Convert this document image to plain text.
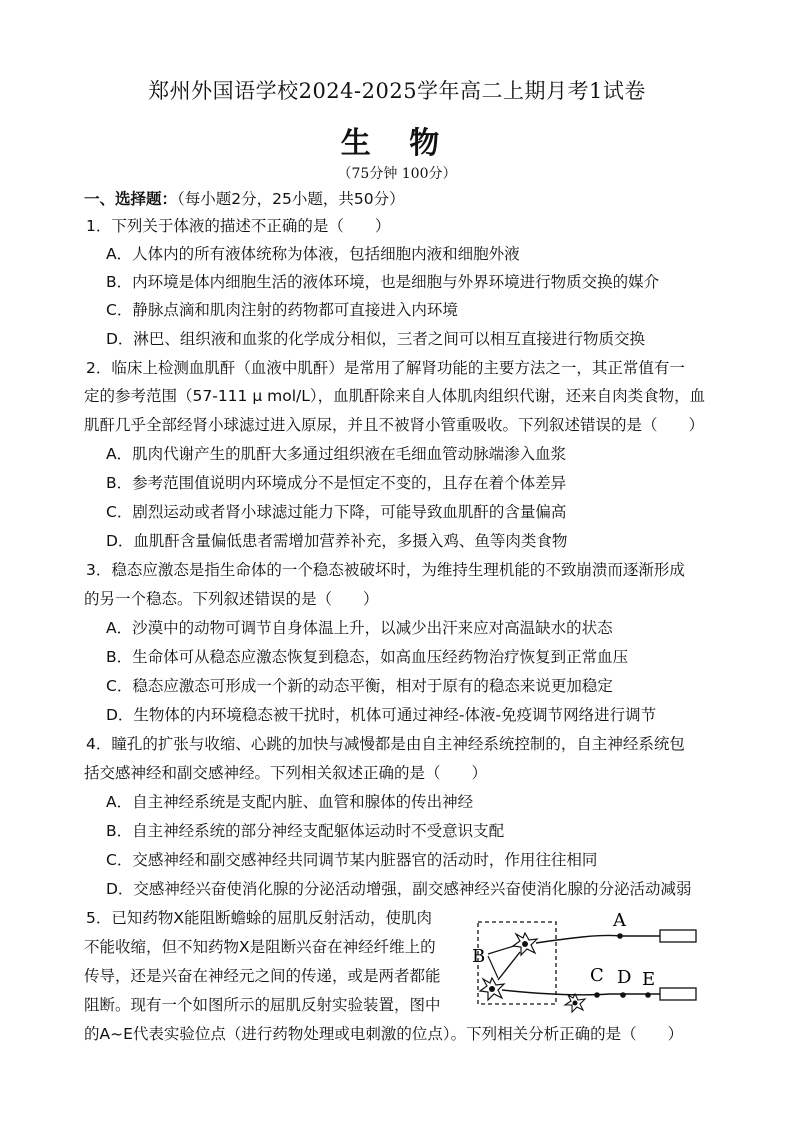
郑州外国语学校2024-2025学年高二上期月考1试卷
生 物
（75分钟 100分）
一、选择题：（每小题2分，25小题，共50分）
1．下列关于体液的描述不正确的是（　　）
A．人体内的所有液体统称为体液，包括细胞内液和细胞外液
B．内环境是体内细胞生活的液体环境，也是细胞与外界环境进行物质交换的媒介
C．静脉点滴和肌肉注射的药物都可直接进入内环境
D．淋巴、组织液和血浆的化学成分相似，三者之间可以相互直接进行物质交换
2．临床上检测血肌酐（血液中肌酐）是常用了解肾功能的主要方法之一，其正常值有一
定的参考范围（57-111 μ mol/L），血肌酐除来自人体肌肉组织代谢，还来自肉类食物，血
肌酐几乎全部经肾小球滤过进入原尿，并且不被肾小管重吸收。下列叙述错误的是（　　）
A．肌肉代谢产生的肌酐大多通过组织液在毛细血管动脉端渗入血浆
B．参考范围值说明内环境成分不是恒定不变的，且存在着个体差异
C．剧烈运动或者肾小球滤过能力下降，可能导致血肌酐的含量偏高
D．血肌酐含量偏低患者需增加营养补充，多摄入鸡、鱼等肉类食物
3．稳态应激态是指生命体的一个稳态被破坏时，为维持生理机能的不致崩溃而逐渐形成
的另一个稳态。下列叙述错误的是（　　）
A．沙漠中的动物可调节自身体温上升，以减少出汗来应对高温缺水的状态
B．生命体可从稳态应激态恢复到稳态，如高血压经药物治疗恢复到正常血压
C．稳态应激态可形成一个新的动态平衡，相对于原有的稳态来说更加稳定
D．生物体的内环境稳态被干扰时，机体可通过神经-体液-免疫调节网络进行调节
4．瞳孔的扩张与收缩、心跳的加快与减慢都是由自主神经系统控制的，自主神经系统包
括交感神经和副交感神经。下列相关叙述正确的是（　　）
A．自主神经系统是支配内脏、血管和腺体的传出神经
B．自主神经系统的部分神经支配躯体运动时不受意识支配
C．交感神经和副交感神经共同调节某内脏器官的活动时，作用往往相同
D．交感神经兴奋使消化腺的分泌活动增强，副交感神经兴奋使消化腺的分泌活动减弱
5．已知药物X能阻断蟾蜍的屈肌反射活动，使肌肉
不能收缩，但不知药物X是阻断兴奋在神经纤维上的
传导，还是兴奋在神经元之间的传递，或是两者都能
阻断。现有一个如图所示的屈肌反射实验装置，图中
的A~E代表实验位点（进行药物处理或电刺激的位点）。下列相关分析正确的是（　　）
A
B
C D E
